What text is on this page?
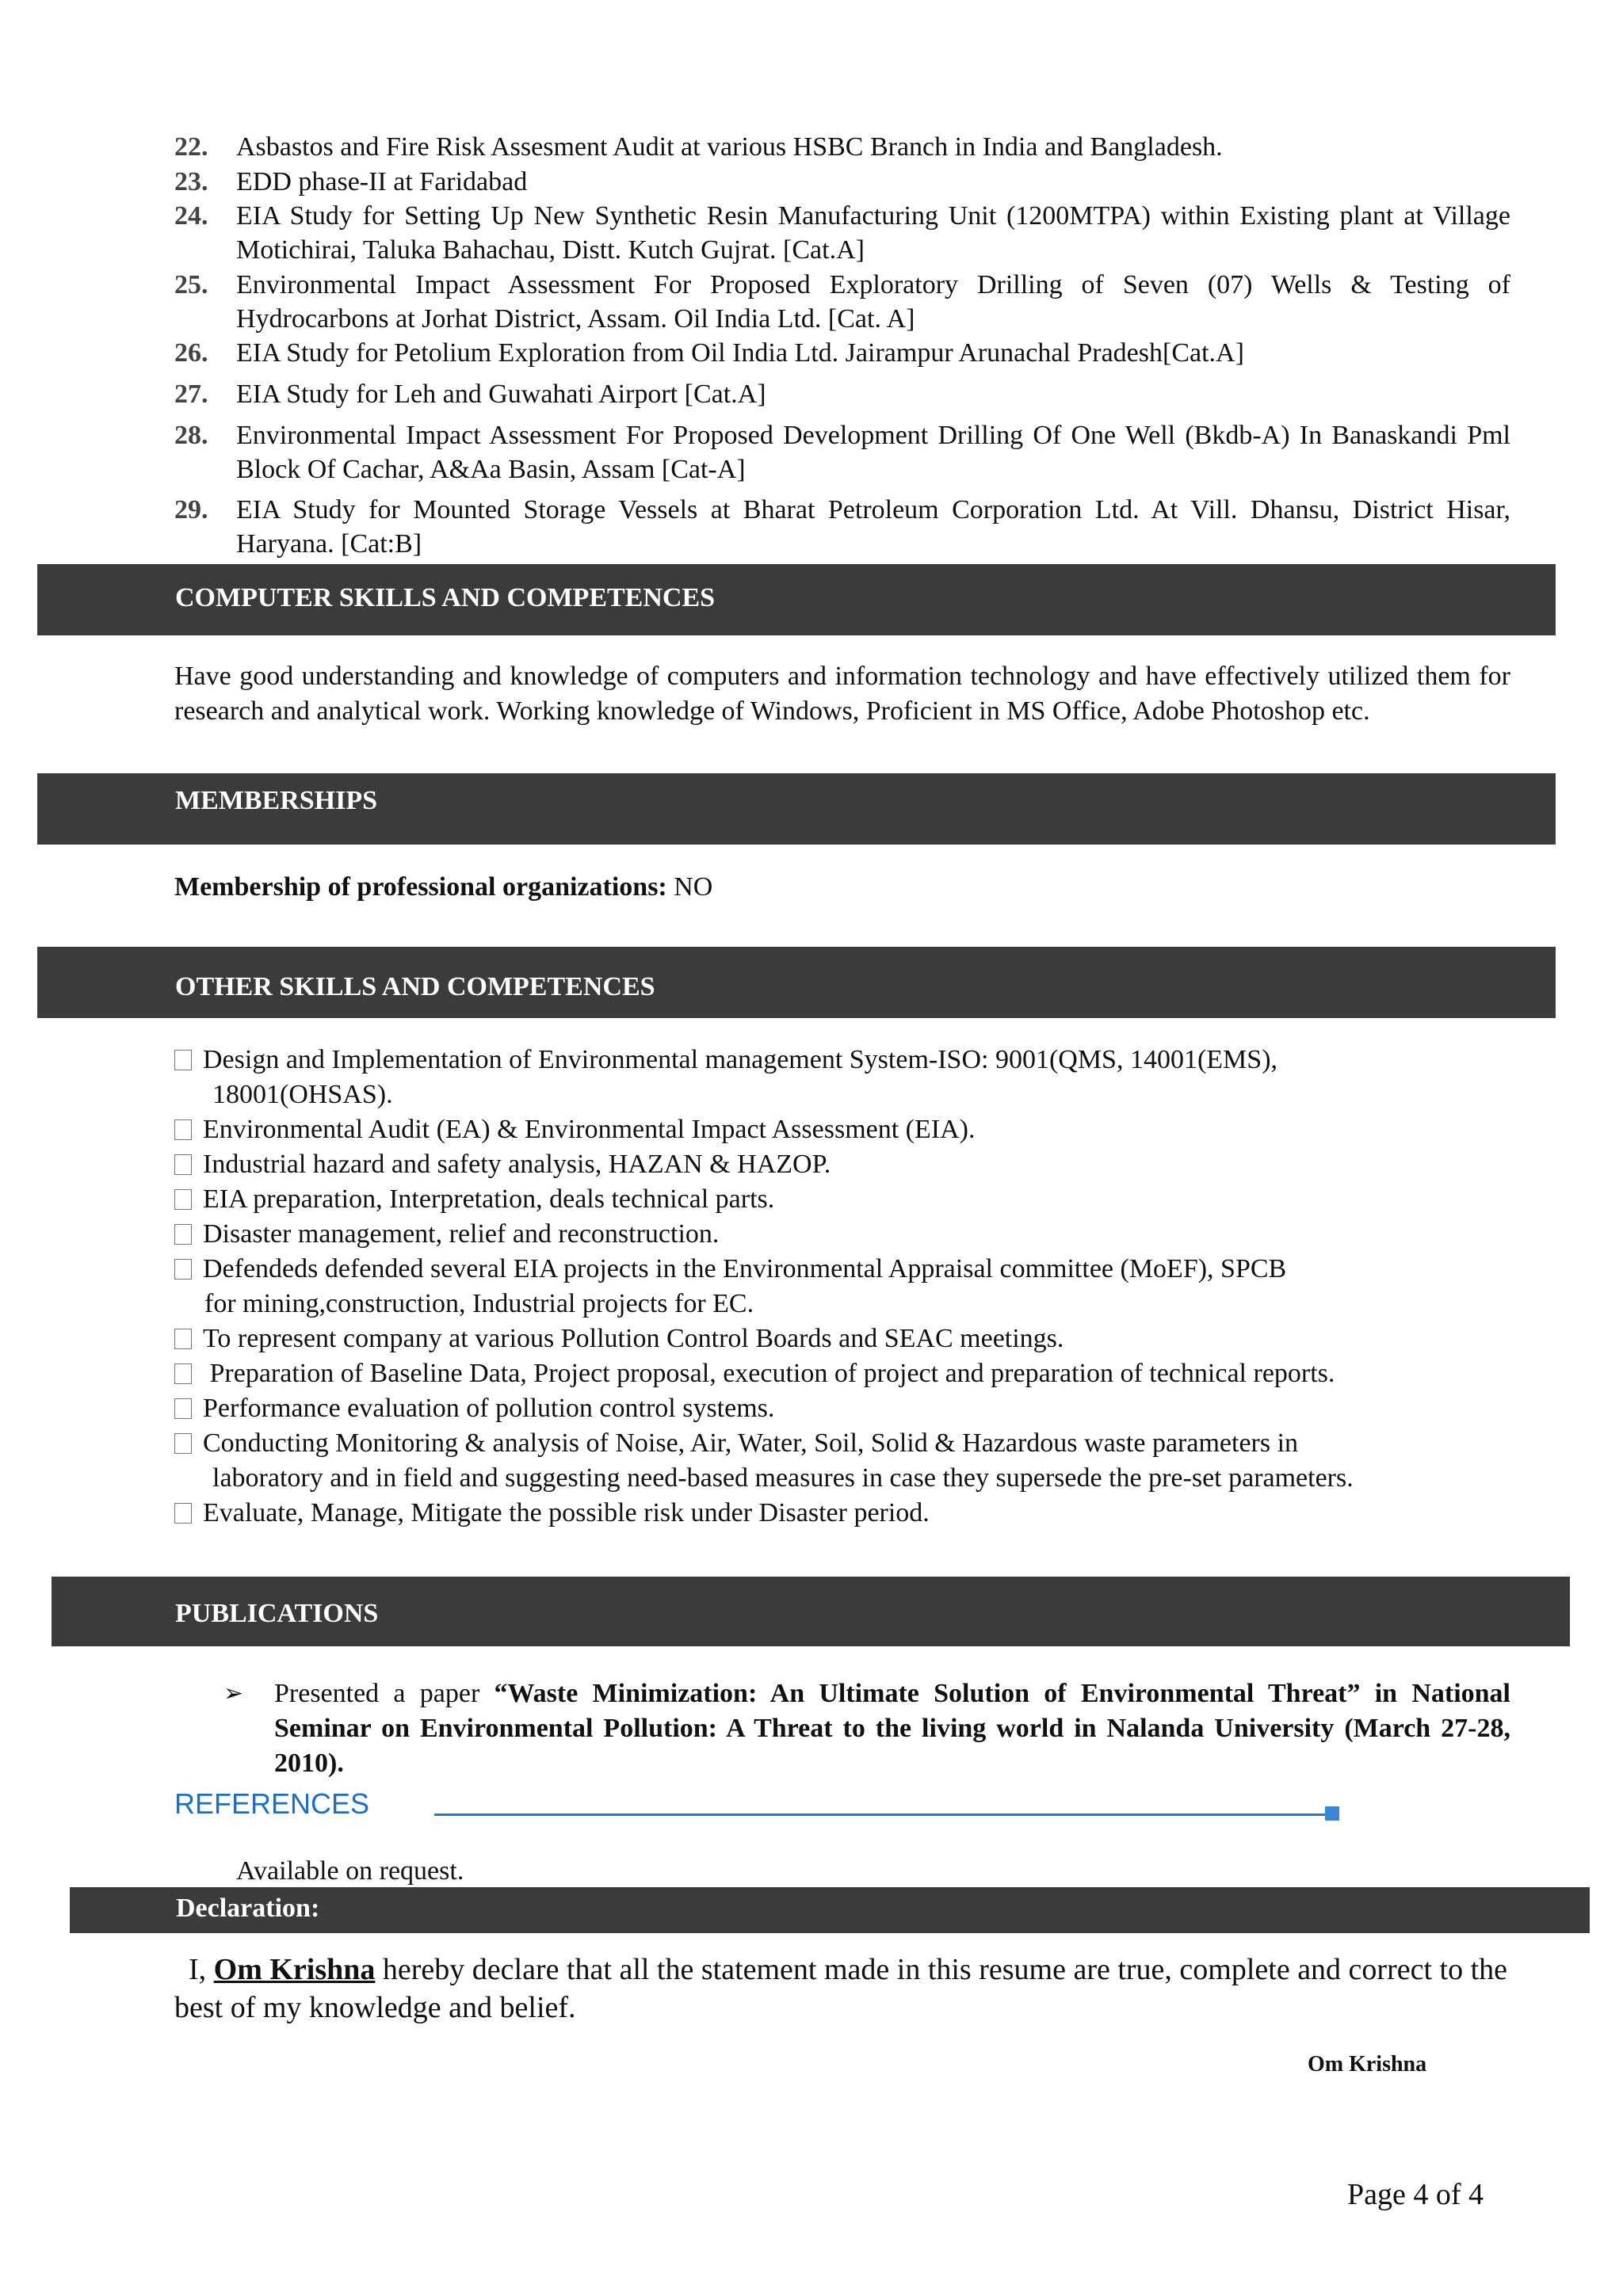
22. Asbastos and Fire Risk Assesment Audit at various HSBC Branch in India and Bangladesh.
23. EDD phase-II at Faridabad
24. EIA Study for Setting Up New Synthetic Resin Manufacturing Unit (1200MTPA) within Existing plant at Village Motichirai, Taluka Bahachau, Distt. Kutch Gujrat. [Cat.A]
25. Environmental Impact Assessment For Proposed Exploratory Drilling of Seven (07) Wells & Testing of Hydrocarbons at Jorhat District, Assam. Oil India Ltd. [Cat. A]
26. EIA Study for Petolium Exploration from Oil India Ltd. Jairampur Arunachal Pradesh[Cat.A]
27. EIA Study for Leh and Guwahati Airport [Cat.A]
28. Environmental Impact Assessment For Proposed Development Drilling Of One Well (Bkdb-A) In Banaskandi Pml Block Of Cachar, A&Aa Basin, Assam [Cat-A]
29. EIA Study for Mounted Storage Vessels at Bharat Petroleum Corporation Ltd. At Vill. Dhansu, District Hisar, Haryana. [Cat:B]
COMPUTER SKILLS AND COMPETENCES
Have good understanding and knowledge of computers and information technology and have effectively utilized them for research and analytical work. Working knowledge of Windows, Proficient in MS Office, Adobe Photoshop etc.
MEMBERSHIPS
Membership of professional organizations: NO
OTHER SKILLS AND COMPETENCES
Design and Implementation of Environmental management System-ISO: 9001(QMS, 14001(EMS),
18001(OHSAS).
Environmental Audit (EA) & Environmental Impact Assessment (EIA).
Industrial hazard and safety analysis, HAZAN & HAZOP.
EIA preparation, Interpretation, deals technical parts.
Disaster management, relief and reconstruction.
Defendeds defended several EIA projects in the Environmental Appraisal committee (MoEF), SPCB
for mining,construction, Industrial projects for EC.
To represent company at various Pollution Control Boards and SEAC meetings.
Preparation of Baseline Data, Project proposal, execution of project and preparation of technical reports.
Performance evaluation of pollution control systems.
Conducting Monitoring & analysis of Noise, Air, Water, Soil, Solid & Hazardous waste parameters in
laboratory and in field and suggesting need-based measures in case they supersede the pre-set parameters.
Evaluate, Manage, Mitigate the possible risk under Disaster period.
PUBLICATIONS
➢ Presented a paper “Waste Minimization: An Ultimate Solution of Environmental Threat” in National Seminar on Environmental Pollution: A Threat to the living world in Nalanda University (March 27-28, 2010).
REFERENCES
Available on request.
Declaration:
I, Om Krishna hereby declare that all the statement made in this resume are true, complete and correct to the best of my knowledge and belief.
Om Krishna
Page 4 of 4
